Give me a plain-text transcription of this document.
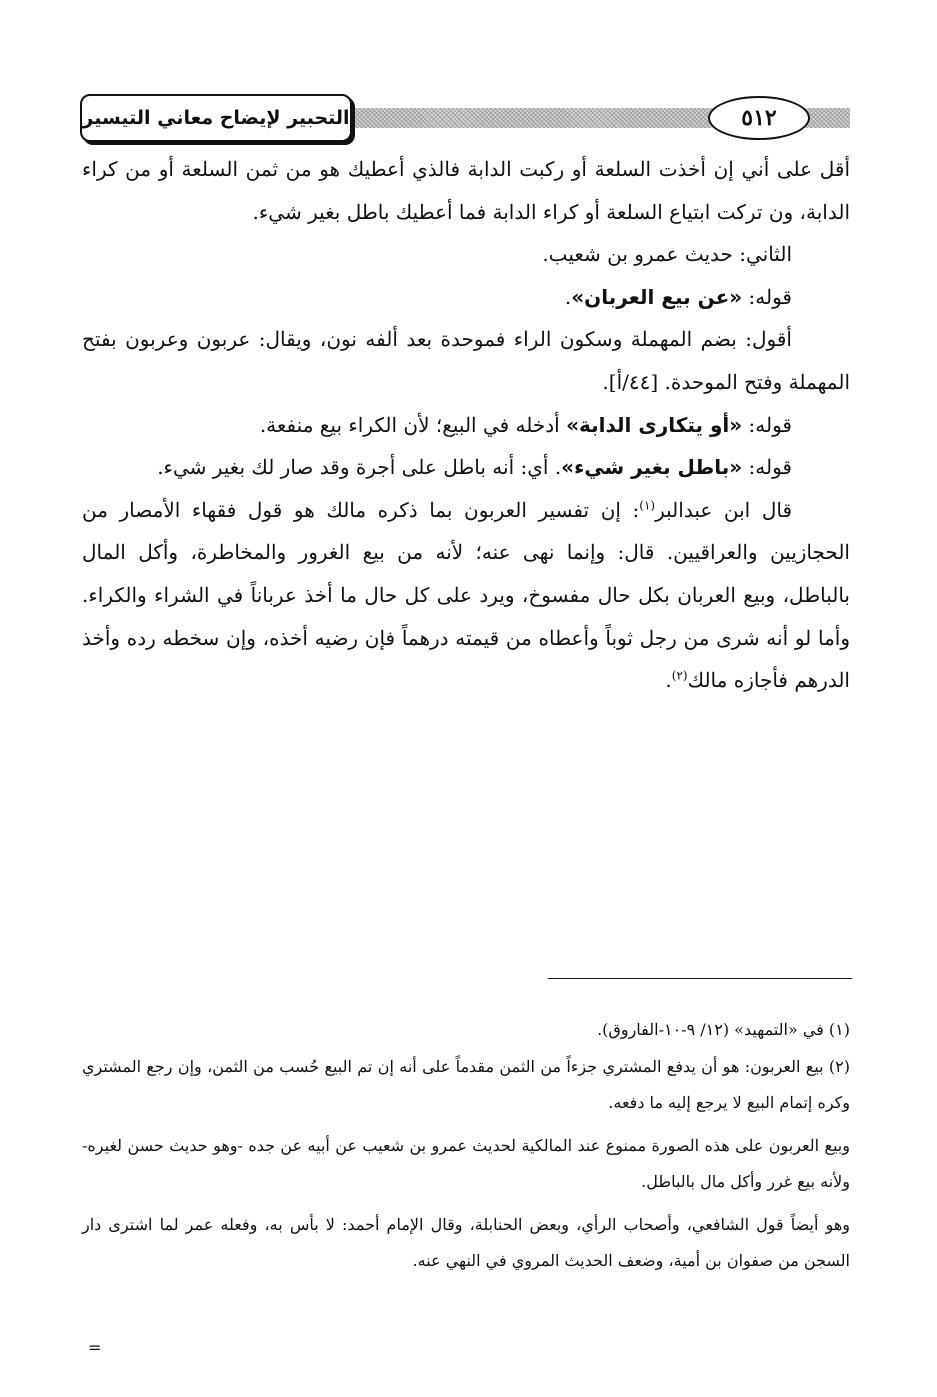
التحبير لإيضاح معاني التيسير	٥١٢

أقل على أني إن أخذت السلعة أو ركبت الدابة فالذي أعطيك هو من ثمن السلعة أو من كراء الدابة، ون تركت ابتياع السلعة أو كراء الدابة فما أعطيك باطل بغير شيء.

الثاني: حديث عمرو بن شعيب.

قوله: «عن بيع العربان».

أقول: بضم المهملة وسكون الراء فموحدة بعد ألفه نون، ويقال: عربون وعربون بفتح المهملة وفتح الموحدة. [٤٤/أ].

قوله: «أو يتكارى الدابة» أدخله في البيع؛ لأن الكراء بيع منفعة.

قوله: «باطل بغير شيء». أي: أنه باطل على أجرة وقد صار لك بغير شيء.

قال ابن عبدالبر$^{(١)}$: إن تفسير العربون بما ذكره مالك هو قول فقهاء الأمصار من الحجازيين والعراقيين. قال: وإنما نهى عنه؛ لأنه من بيع الغرور والمخاطرة، وأكل المال بالباطل، وبيع العربان بكل حال مفسوخ، ويرد على كل حال ما أخذ عرباناً في الشراء والكراء. وأما لو أنه شرى من رجل ثوباً وأعطاه من قيمته درهماً فإن رضيه أخذه، وإن سخطه رده وأخذ الدرهم فأجازه مالك$^{(٢)}$.

(١) في «التمهيد» (١٢/ ٩-١٠-الفاروق).

(٢) بيع العربون: هو أن يدفع المشتري جزءاً من الثمن مقدماً على أنه إن تم البيع حُسب من الثمن، وإن رجع المشتري وكره إتمام البيع لا يرجع إليه ما دفعه.

وبيع العربون على هذه الصورة ممنوع عند المالكية لحديث عمرو بن شعيب عن أبيه عن جده -وهو حديث حسن لغيره- ولأنه بيع غرر وأكل مال بالباطل.

وهو أيضاً قول الشافعي، وأصحاب الرأي، وبعض الحنابلة، وقال الإمام أحمد: لا بأس به، وفعله عمر لما اشترى دار السجن من صفوان بن أمية، وضعف الحديث المروي في النهي عنه.

=
